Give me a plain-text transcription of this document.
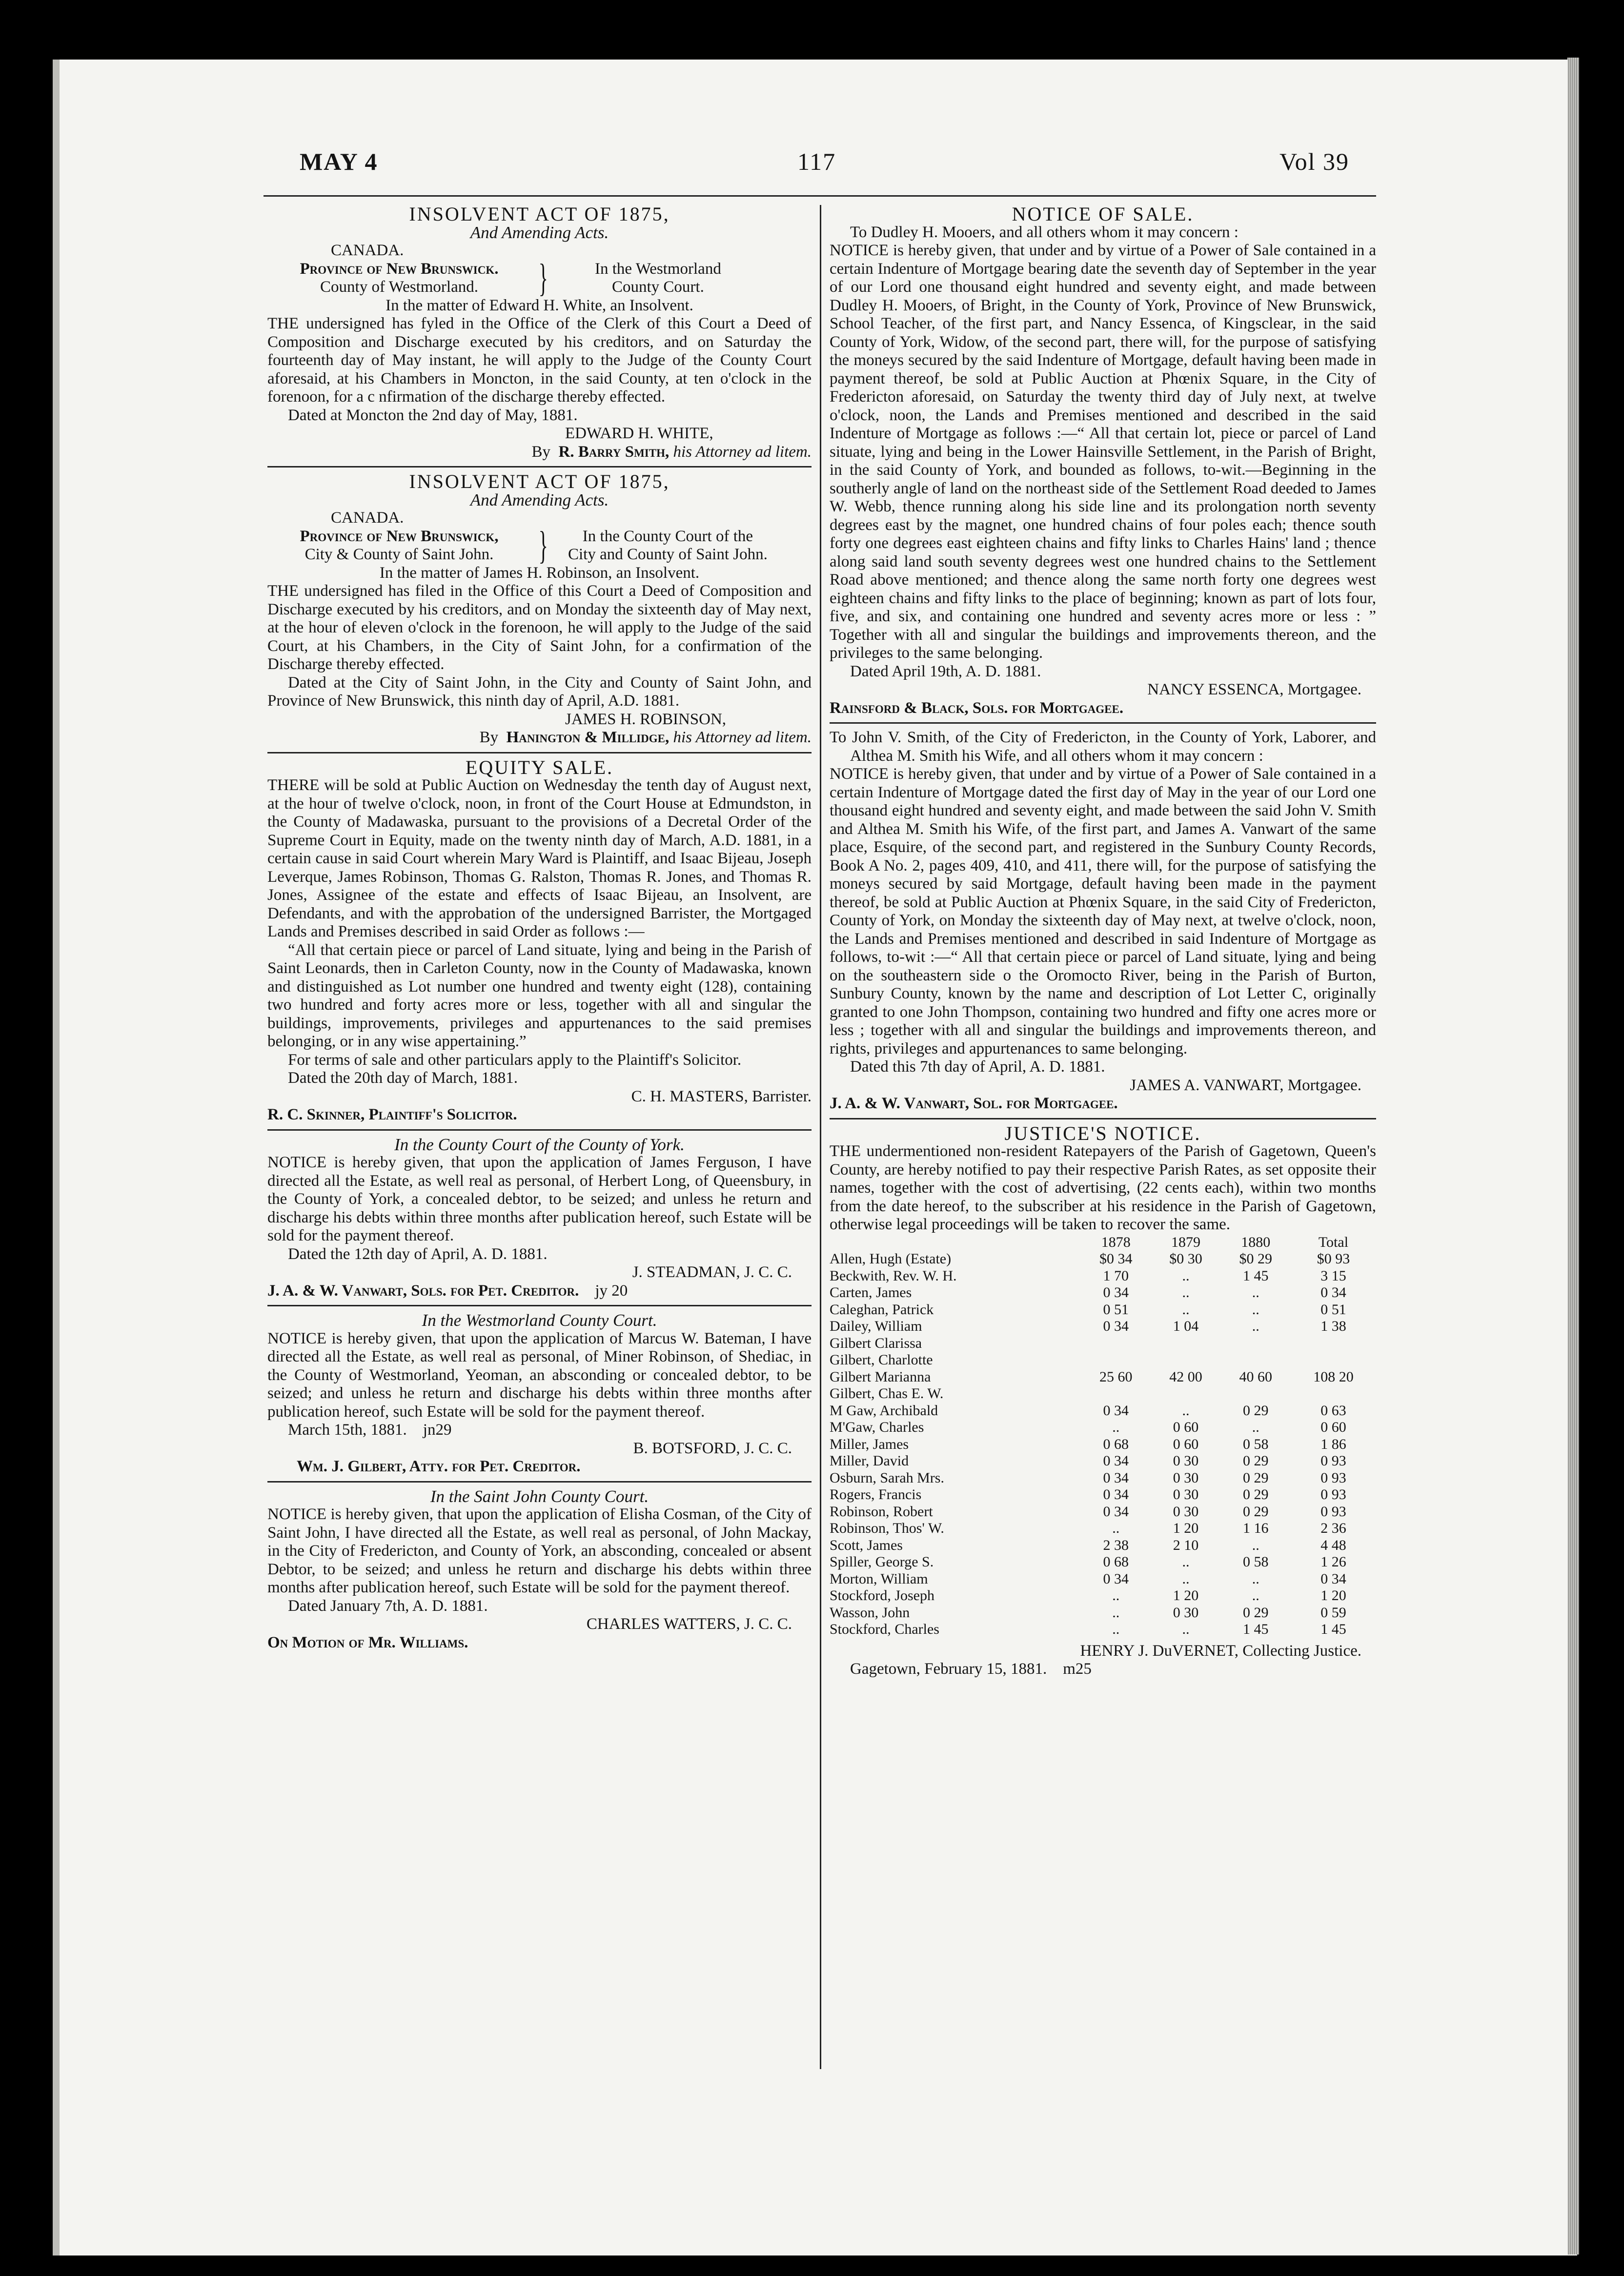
MAY 4	117	Vol 39

INSOLVENT ACT OF 1875,

And Amending Acts.

CANADA.

Province of New Brunswick.
County of Westmorland.	}	In the Westmorland
County Court.

In the matter of Edward H. White, an Insolvent.

THE undersigned has fyled in the Office of the Clerk of this Court a Deed of Composition and Discharge executed by his creditors, and on Saturday the fourteenth day of May instant, he will apply to the Judge of the County Court aforesaid, at his Chambers in Moncton, in the said County, at ten o'clock in the forenoon, for a c nfirmation of the discharge thereby effected.

Dated at Moncton the 2nd day of May, 1881.

EDWARD H. WHITE,

By R. Barry Smith, his Attorney ad litem.

INSOLVENT ACT OF 1875,

And Amending Acts.

CANADA.

Province of New Brunswick,
City & County of Saint John.	}	In the County Court of the
City and County of Saint John.

In the matter of James H. Robinson, an Insolvent.

THE undersigned has filed in the Office of this Court a Deed of Composition and Discharge executed by his creditors, and on Monday the sixteenth day of May next, at the hour of eleven o'clock in the forenoon, he will apply to the Judge of the said Court, at his Chambers, in the City of Saint John, for a confirmation of the Discharge thereby effected.

Dated at the City of Saint John, in the City and County of Saint John, and Province of New Brunswick, this ninth day of April, A.D. 1881.

JAMES H. ROBINSON,

By Hanington & Millidge, his Attorney ad litem.

EQUITY SALE.

THERE will be sold at Public Auction on Wednesday the tenth day of August next, at the hour of twelve o'clock, noon, in front of the Court House at Edmundston, in the County of Madawaska, pursuant to the provisions of a Decretal Order of the Supreme Court in Equity, made on the twenty ninth day of March, A.D. 1881, in a certain cause in said Court wherein Mary Ward is Plaintiff, and Isaac Bijeau, Joseph Leverque, James Robinson, Thomas G. Ralston, Thomas R. Jones, and Thomas R. Jones, Assignee of the estate and effects of Isaac Bijeau, an Insolvent, are Defendants, and with the approbation of the undersigned Barrister, the Mortgaged Lands and Premises described in said Order as follows :—

“All that certain piece or parcel of Land situate, lying and being in the Parish of Saint Leonards, then in Carleton County, now in the County of Madawaska, known and distinguished as Lot number one hundred and twenty eight (128), containing two hundred and forty acres more or less, together with all and singular the buildings, improvements, privileges and appurtenances to the said premises belonging, or in any wise appertaining.”

For terms of sale and other particulars apply to the Plaintiff's Solicitor.

Dated the 20th day of March, 1881.

C. H. MASTERS, Barrister.

R. C. Skinner, Plaintiff's Solicitor.

In the County Court of the County of York.

NOTICE is hereby given, that upon the application of James Ferguson, I have directed all the Estate, as well real as personal, of Herbert Long, of Queensbury, in the County of York, a concealed debtor, to be seized; and unless he return and discharge his debts within three months after publication hereof, such Estate will be sold for the payment thereof.

Dated the 12th day of April, A. D. 1881.

J. STEADMAN, J. C. C.

J. A. & W. Vanwart, Sols. for Pet. Creditor. jy 20

In the Westmorland County Court.

NOTICE is hereby given, that upon the application of Marcus W. Bateman, I have directed all the Estate, as well real as personal, of Miner Robinson, of Shediac, in the County of Westmorland, Yeoman, an absconding or concealed debtor, to be seized; and unless he return and discharge his debts within three months after publication hereof, such Estate will be sold for the payment thereof.

March 15th, 1881. jn29

B. BOTSFORD, J. C. C.

Wm. J. Gilbert, Atty. for Pet. Creditor.

In the Saint John County Court.

NOTICE is hereby given, that upon the application of Elisha Cosman, of the City of Saint John, I have directed all the Estate, as well real as personal, of John Mackay, in the City of Fredericton, and County of York, an absconding, concealed or absent Debtor, to be seized; and unless he return and discharge his debts within three months after publication hereof, such Estate will be sold for the payment thereof.

Dated January 7th, A. D. 1881.

CHARLES WATTERS, J. C. C.

On Motion of Mr. Williams.

NOTICE OF SALE.

To Dudley H. Mooers, and all others whom it may concern :

NOTICE is hereby given, that under and by virtue of a Power of Sale contained in a certain Indenture of Mortgage bearing date the seventh day of September in the year of our Lord one thousand eight hundred and seventy eight, and made between Dudley H. Mooers, of Bright, in the County of York, Province of New Brunswick, School Teacher, of the first part, and Nancy Essenca, of Kingsclear, in the said County of York, Widow, of the second part, there will, for the purpose of satisfying the moneys secured by the said Indenture of Mortgage, default having been made in payment thereof, be sold at Public Auction at Phœnix Square, in the City of Fredericton aforesaid, on Saturday the twenty third day of July next, at twelve o'clock, noon, the Lands and Premises mentioned and described in the said Indenture of Mortgage as follows :—“ All that certain lot, piece or parcel of Land situate, lying and being in the Lower Hainsville Settlement, in the Parish of Bright, in the said County of York, and bounded as follows, to-wit.—Beginning in the southerly angle of land on the northeast side of the Settlement Road deeded to James W. Webb, thence running along his side line and its prolongation north seventy degrees east by the magnet, one hundred chains of four poles each; thence south forty one degrees east eighteen chains and fifty links to Charles Hains' land ; thence along said land south seventy degrees west one hundred chains to the Settlement Road above mentioned; and thence along the same north forty one degrees west eighteen chains and fifty links to the place of beginning; known as part of lots four, five, and six, and containing one hundred and seventy acres more or less : ” Together with all and singular the buildings and improvements thereon, and the privileges to the same belonging.

Dated April 19th, A. D. 1881.

NANCY ESSENCA, Mortgagee.

Rainsford & Black, Sols. for Mortgagee.

To John V. Smith, of the City of Fredericton, in the County of York, Laborer, and Althea M. Smith his Wife, and all others whom it may concern :

NOTICE is hereby given, that under and by virtue of a Power of Sale contained in a certain Indenture of Mortgage dated the first day of May in the year of our Lord one thousand eight hundred and seventy eight, and made between the said John V. Smith and Althea M. Smith his Wife, of the first part, and James A. Vanwart of the same place, Esquire, of the second part, and registered in the Sunbury County Records, Book A No. 2, pages 409, 410, and 411, there will, for the purpose of satisfying the moneys secured by said Mortgage, default having been made in the payment thereof, be sold at Public Auction at Phœnix Square, in the said City of Fredericton, County of York, on Monday the sixteenth day of May next, at twelve o'clock, noon, the Lands and Premises mentioned and described in said Indenture of Mortgage as follows, to-wit :—“ All that certain piece or parcel of Land situate, lying and being on the southeastern side o the Oromocto River, being in the Parish of Burton, Sunbury County, known by the name and description of Lot Letter C, originally granted to one John Thompson, containing two hundred and fifty one acres more or less ; together with all and singular the buildings and improvements thereon, and rights, privileges and appurtenances to same belonging.

Dated this 7th day of April, A. D. 1881.

JAMES A. VANWART, Mortgagee.

J. A. & W. Vanwart, Sol. for Mortgagee.

JUSTICE'S NOTICE.

THE undermentioned non-resident Ratepayers of the Parish of Gagetown, Queen's County, are hereby notified to pay their respective Parish Rates, as set opposite their names, together with the cost of advertising, (22 cents each), within two months from the date hereof, to the subscriber at his residence in the Parish of Gagetown, otherwise legal proceedings will be taken to recover the same.

	1878	1879	1880	Total
Allen, Hugh (Estate)	$0 34	$0 30	$0 29	$0 93
Beckwith, Rev. W. H.	1 70	..	1 45	3 15
Carten, James	0 34	..	..	0 34
Caleghan, Patrick	0 51	..	..	0 51
Dailey, William	0 34	1 04	..	1 38
Gilbert Clarissa				
Gilbert, Charlotte				
Gilbert Marianna	25 60	42 00	40 60	108 20
Gilbert, Chas E. W.				
M Gaw, Archibald	0 34	..	0 29	0 63
M'Gaw, Charles	..	0 60	..	0 60
Miller, James	0 68	0 60	0 58	1 86
Miller, David	0 34	0 30	0 29	0 93
Osburn, Sarah Mrs.	0 34	0 30	0 29	0 93
Rogers, Francis	0 34	0 30	0 29	0 93
Robinson, Robert	0 34	0 30	0 29	0 93
Robinson, Thos' W.	..	1 20	1 16	2 36
Scott, James	2 38	2 10	..	4 48
Spiller, George S.	0 68	..	0 58	1 26
Morton, William	0 34	..	..	0 34
Stockford, Joseph	..	1 20	..	1 20
Wasson, John	..	0 30	0 29	0 59
Stockford, Charles	..	..	1 45	1 45

HENRY J. DuVERNET, Collecting Justice.

Gagetown, February 15, 1881. m25
